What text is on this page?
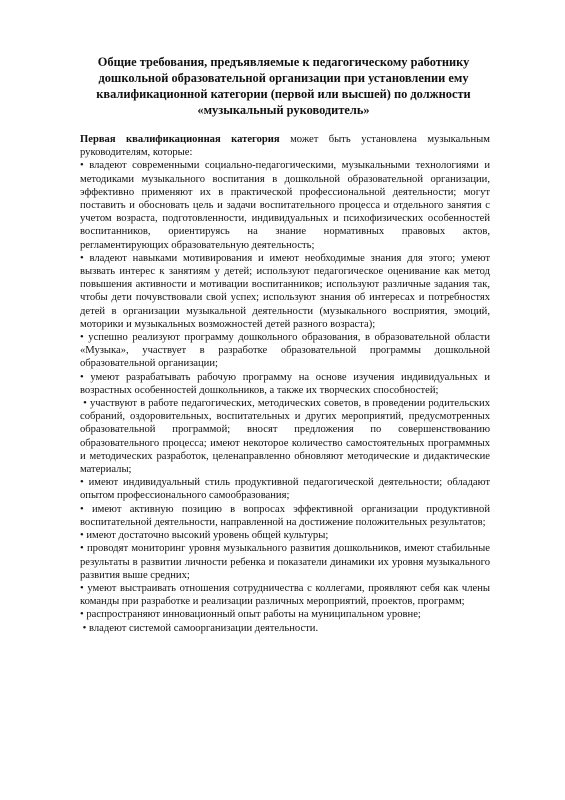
Общие требования, предъявляемые к педагогическому работнику
дошкольной образовательной организации при установлении ему
квалификационной категории (первой или высшей) по должности
«музыкальный руководитель»

Первая квалификационная категория может быть установлена музыкальным руководителям, которые:

• владеют современными социально-педагогическими, музыкальными технологиями и методиками музыкального воспитания в дошкольной образовательной организации, эффективно применяют их в практической профессиональной деятельности; могут поставить и обосновать цель и задачи воспитательного процесса и отдельного занятия с учетом возраста, подготовленности, индивидуальных и психофизических особенностей воспитанников, ориентируясь на знание нормативных правовых актов, регламентирующих образовательную деятельность;

• владеют навыками мотивирования и имеют необходимые знания для этого; умеют вызвать интерес к занятиям у детей; используют педагогическое оценивание как метод повышения активности и мотивации воспитанников; используют различные задания так, чтобы дети почувствовали свой успех; используют знания об интересах и потребностях детей в организации музыкальной деятельности (музыкального восприятия, эмоций, моторики и музыкальных возможностей детей разного возраста);

• успешно реализуют программу дошкольного образования, в образовательной области «Музыка», участвует в разработке образовательной программы дошкольной образовательной организации;

• умеют разрабатывать рабочую программу на основе изучения индивидуальных и возрастных особенностей дошкольников, а также их творческих способностей;

• участвуют в работе педагогических, методических советов, в проведении родительских собраний, оздоровительных, воспитательных и других мероприятий, предусмотренных образовательной программой; вносят предложения по совершенствованию образовательного процесса; имеют некоторое количество самостоятельных программных и методических разработок, целенаправленно обновляют методические и дидактические материалы;

• имеют индивидуальный стиль продуктивной педагогической деятельности; обладают опытом профессионального самообразования;

• имеют активную позицию в вопросах эффективной организации продуктивной воспитательной деятельности, направленной на достижение положительных результатов;

• имеют достаточно высокий уровень общей культуры;

• проводят мониторинг уровня музыкального развития дошкольников, имеют стабильные результаты в развитии личности ребенка и показатели динамики их уровня музыкального развития выше средних;

• умеют выстраивать отношения сотрудничества с коллегами, проявляют себя как члены команды при разработке и реализации различных мероприятий, проектов, программ;

• распространяют инновационный опыт работы на муниципальном уровне;

• владеют системой самоорганизации деятельности.
